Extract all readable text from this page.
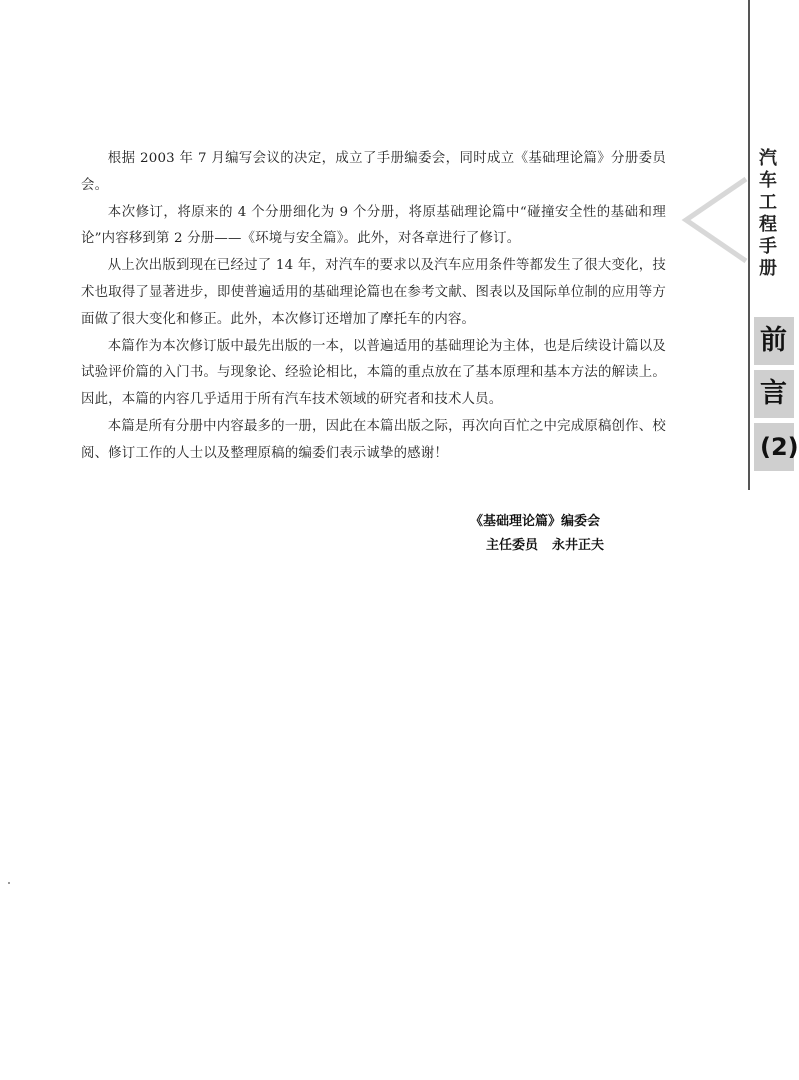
根据 2003 年 7 月编写会议的决定，成立了手册编委会，同时成立《基础理论篇》分册委员会。

本次修订，将原来的 4 个分册细化为 9 个分册，将原基础理论篇中“碰撞安全性的基础和理论”内容移到第 2 分册——《环境与安全篇》。此外，对各章进行了修订。

从上次出版到现在已经过了 14 年，对汽车的要求以及汽车应用条件等都发生了很大变化，技术也取得了显著进步，即使普遍适用的基础理论篇也在参考文献、图表以及国际单位制的应用等方面做了很大变化和修正。此外，本次修订还增加了摩托车的内容。

本篇作为本次修订版中最先出版的一本，以普遍适用的基础理论为主体，也是后续设计篇以及试验评价篇的入门书。与现象论、经验论相比，本篇的重点放在了基本原理和基本方法的解读上。因此，本篇的内容几乎适用于所有汽车技术领域的研究者和技术人员。

本篇是所有分册中内容最多的一册，因此在本篇出版之际，再次向百忙之中完成原稿创作、校阅、修订工作的人士以及整理原稿的编委们表示诚挚的感谢！

《基础理论篇》编委会
主任委员 永井正夫
汽
车
工
程
手
册
前
言
(2)
